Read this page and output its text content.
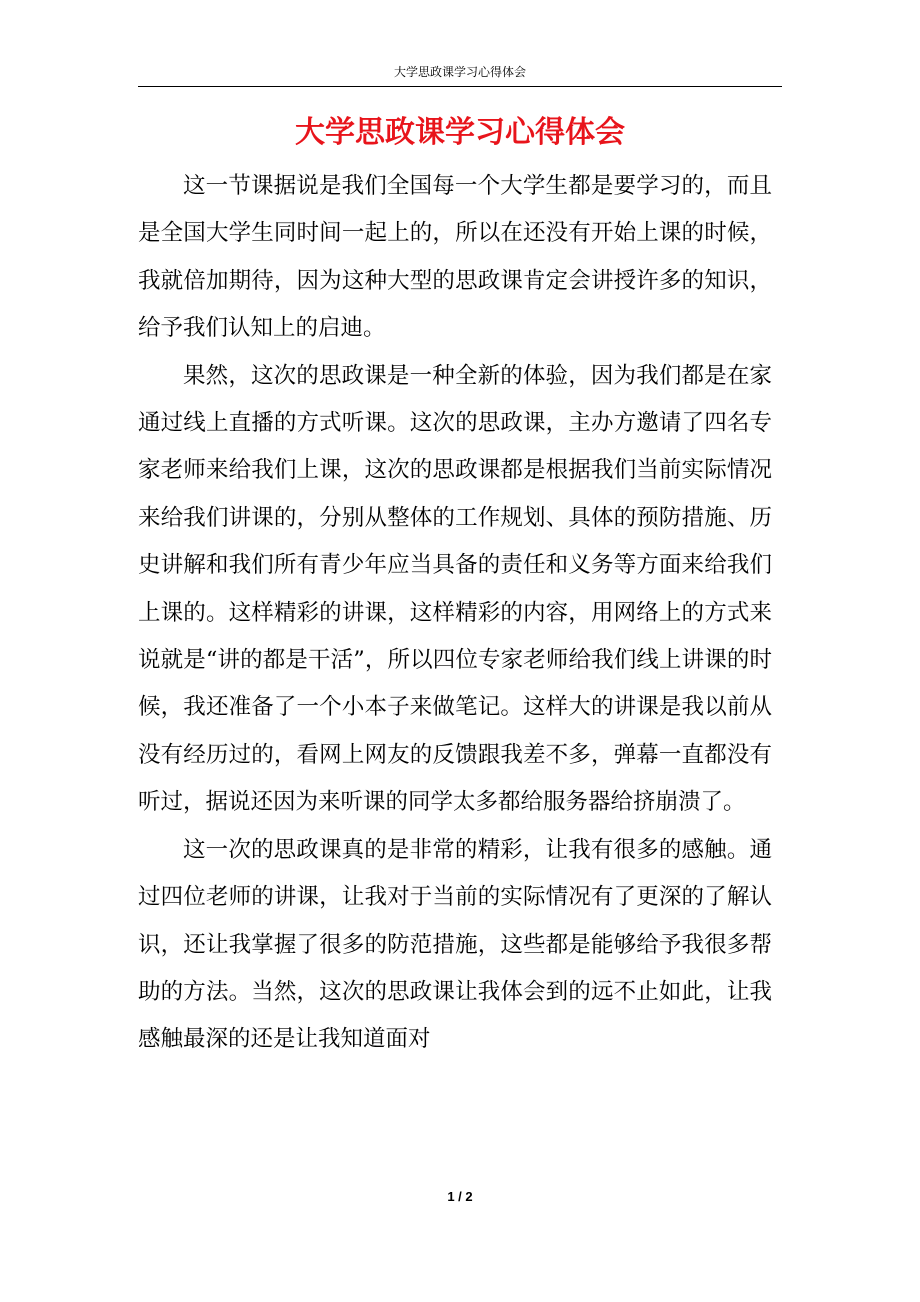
大学思政课学习心得体会
大学思政课学习心得体会

这一节课据说是我们全国每一个大学生都是要学习的，而且是全国大学生同时间一起上的，所以在还没有开始上课的时候，我就倍加期待，因为这种大型的思政课肯定会讲授许多的知识，给予我们认知上的启迪。

果然，这次的思政课是一种全新的体验，因为我们都是在家通过线上直播的方式听课。这次的思政课，主办方邀请了四名专家老师来给我们上课，这次的思政课都是根据我们当前实际情况来给我们讲课的，分别从整体的工作规划、具体的预防措施、历史讲解和我们所有青少年应当具备的责任和义务等方面来给我们上课的。这样精彩的讲课，这样精彩的内容，用网络上的方式来说就是“讲的都是干活”，所以四位专家老师给我们线上讲课的时候，我还准备了一个小本子来做笔记。这样大的讲课是我以前从没有经历过的，看网上网友的反馈跟我差不多，弹幕一直都没有听过，据说还因为来听课的同学太多都给服务器给挤崩溃了。

这一次的思政课真的是非常的精彩，让我有很多的感触。通过四位老师的讲课，让我对于当前的实际情况有了更深的了解认识，还让我掌握了很多的防范措施，这些都是能够给予我很多帮助的方法。当然，这次的思政课让我体会到的远不止如此，让我感触最深的还是让我知道面对

1 / 2
